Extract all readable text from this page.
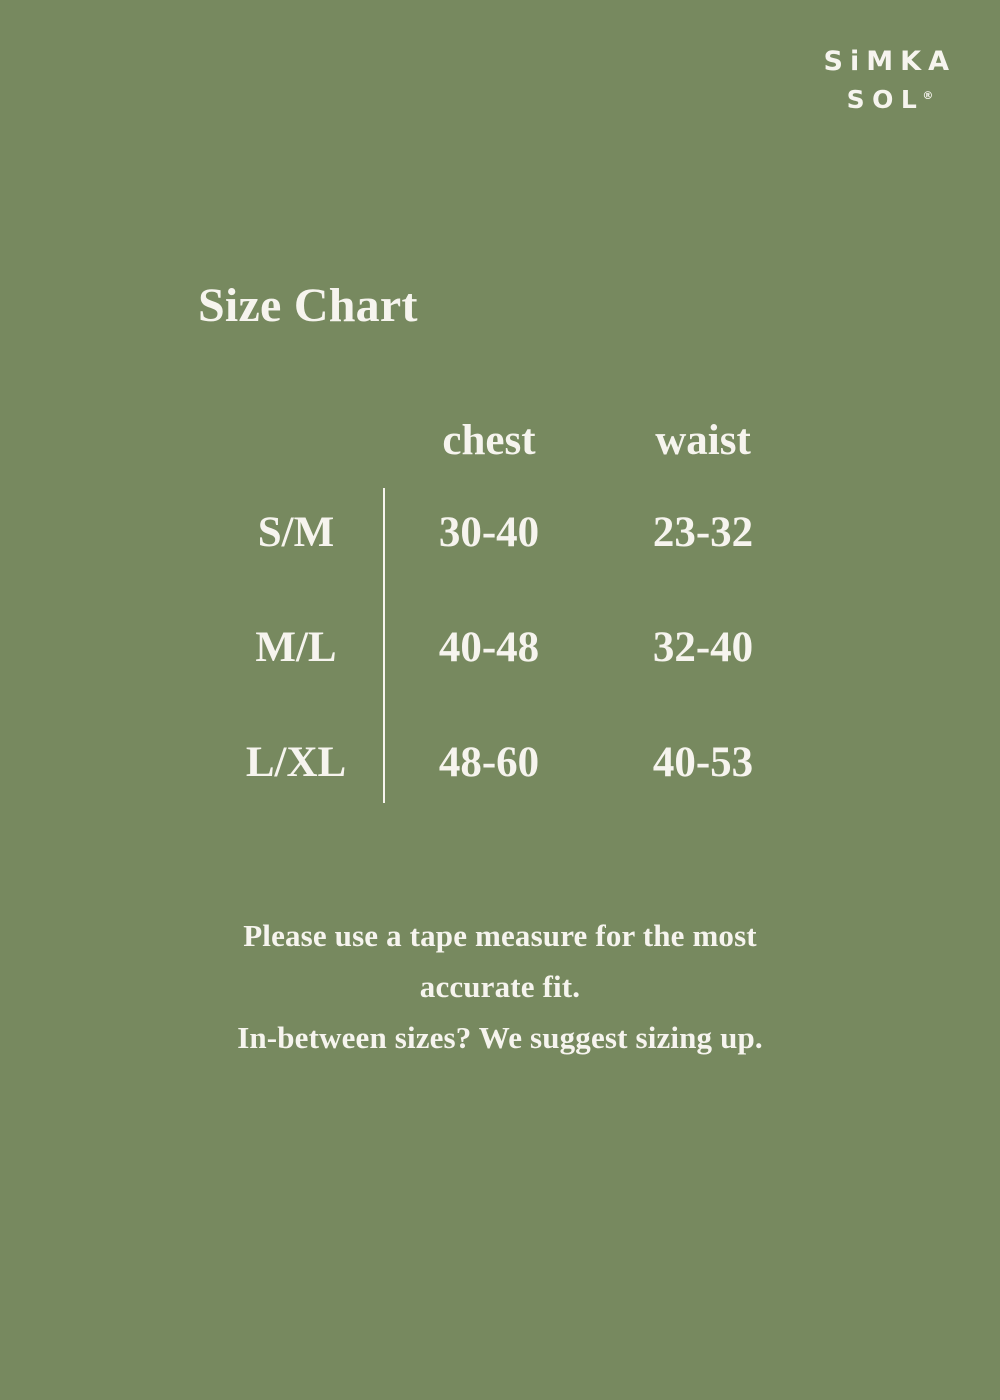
SiMKA
SOL®
Size Chart
	chest	waist
S/M	30-40	23-32
M/L	40-48	32-40
L/XL	48-60	40-53
Please use a tape measure for the most
accurate fit.
In-between sizes? We suggest sizing up.
